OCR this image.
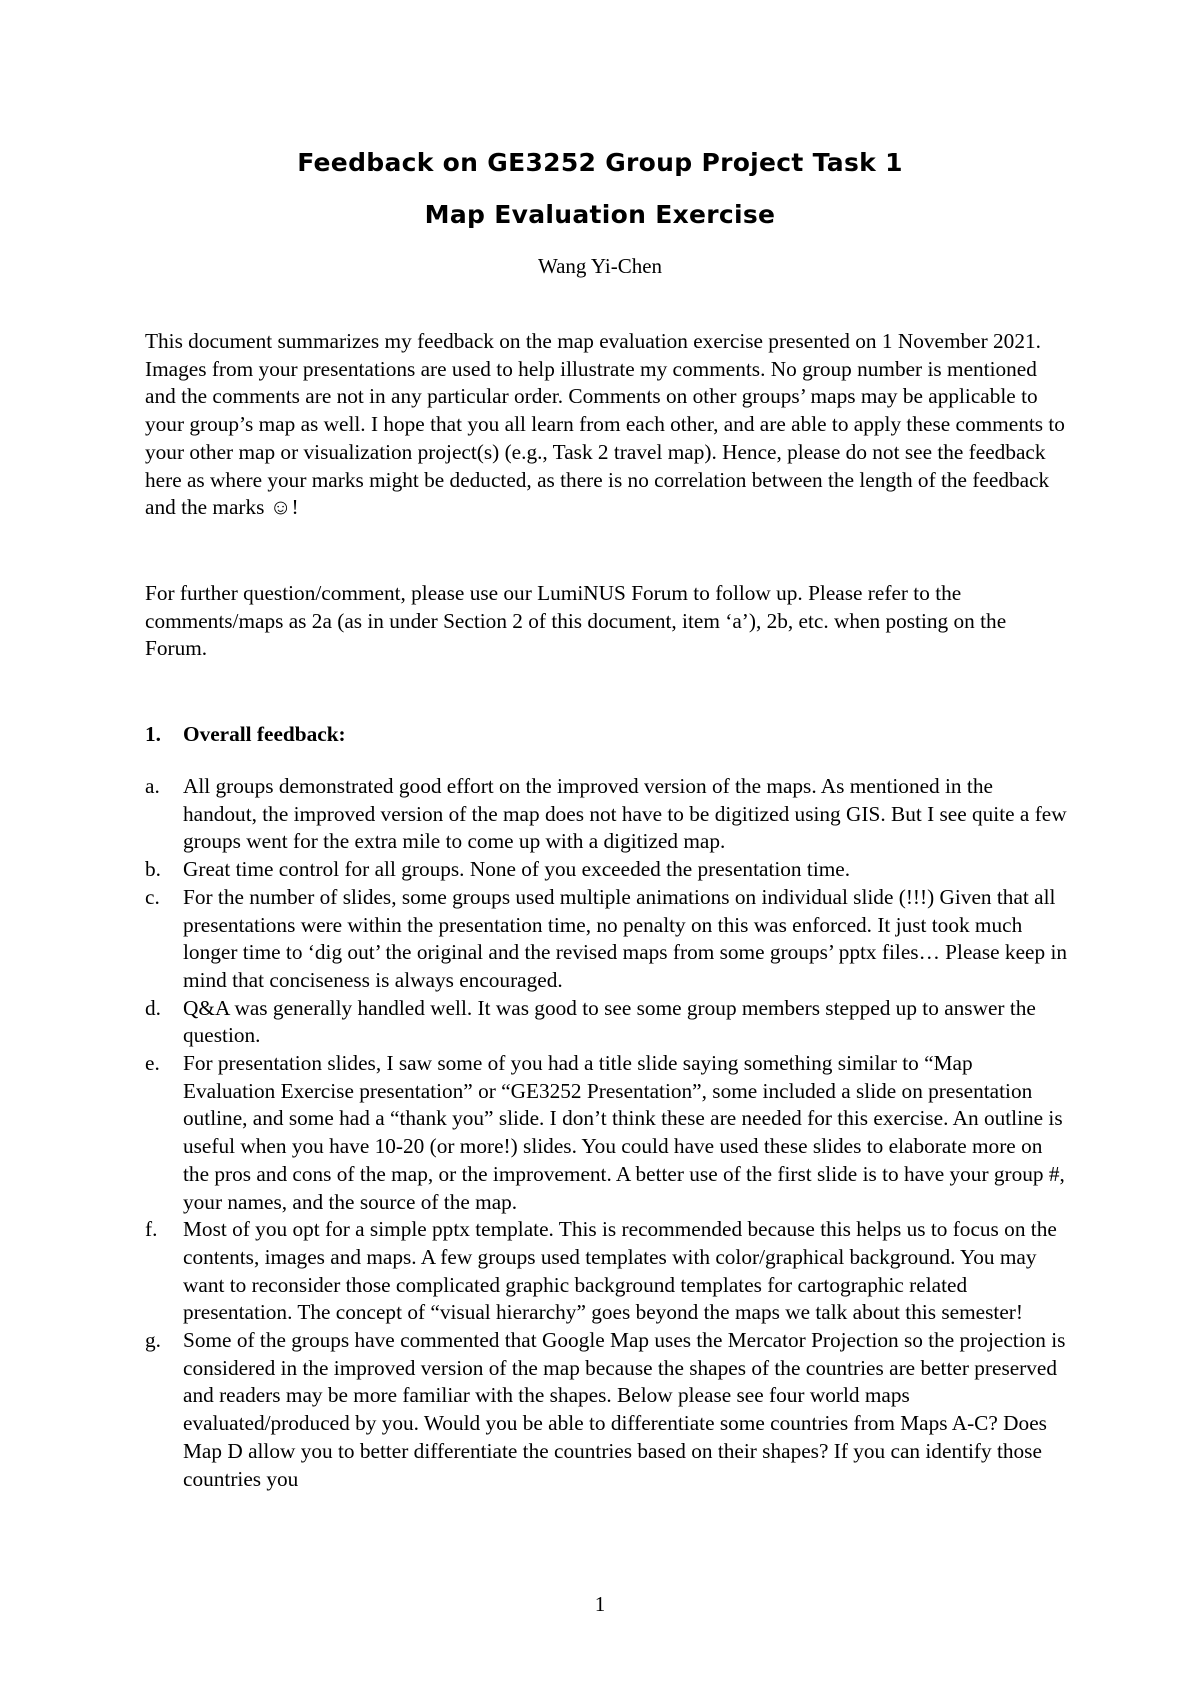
Feedback on GE3252 Group Project Task 1
Map Evaluation Exercise
Wang Yi-Chen

This document summarizes my feedback on the map evaluation exercise presented on 1 November 2021. Images from your presentations are used to help illustrate my comments. No group number is mentioned and the comments are not in any particular order. Comments on other groups’ maps may be applicable to your group’s map as well. I hope that you all learn from each other, and are able to apply these comments to your other map or visualization project(s) (e.g., Task 2 travel map). Hence, please do not see the feedback here as where your marks might be deducted, as there is no correlation between the length of the feedback and the marks ☺!

For further question/comment, please use our LumiNUS Forum to follow up. Please refer to the comments/maps as 2a (as in under Section 2 of this document, item ‘a’), 2b, etc. when posting on the Forum.

1. Overall feedback:
a.	All groups demonstrated good effort on the improved version of the maps. As mentioned in the handout, the improved version of the map does not have to be digitized using GIS. But I see quite a few groups went for the extra mile to come up with a digitized map.
b.	Great time control for all groups. None of you exceeded the presentation time.
c.	For the number of slides, some groups used multiple animations on individual slide (!!!) Given that all presentations were within the presentation time, no penalty on this was enforced. It just took much longer time to ‘dig out’ the original and the revised maps from some groups’ pptx files… Please keep in mind that conciseness is always encouraged.
d.	Q&A was generally handled well. It was good to see some group members stepped up to answer the question.
e.	For presentation slides, I saw some of you had a title slide saying something similar to “Map Evaluation Exercise presentation” or “GE3252 Presentation”, some included a slide on presentation outline, and some had a “thank you” slide. I don’t think these are needed for this exercise. An outline is useful when you have 10-20 (or more!) slides. You could have used these slides to elaborate more on the pros and cons of the map, or the improvement. A better use of the first slide is to have your group #, your names, and the source of the map.
f.	Most of you opt for a simple pptx template. This is recommended because this helps us to focus on the contents, images and maps. A few groups used templates with color/graphical background. You may want to reconsider those complicated graphic background templates for cartographic related presentation. The concept of “visual hierarchy” goes beyond the maps we talk about this semester!
g.	Some of the groups have commented that Google Map uses the Mercator Projection so the projection is considered in the improved version of the map because the shapes of the countries are better preserved and readers may be more familiar with the shapes. Below please see four world maps evaluated/produced by you. Would you be able to differentiate some countries from Maps A-C? Does Map D allow you to better differentiate the countries based on their shapes? If you can identify those countries you
1
